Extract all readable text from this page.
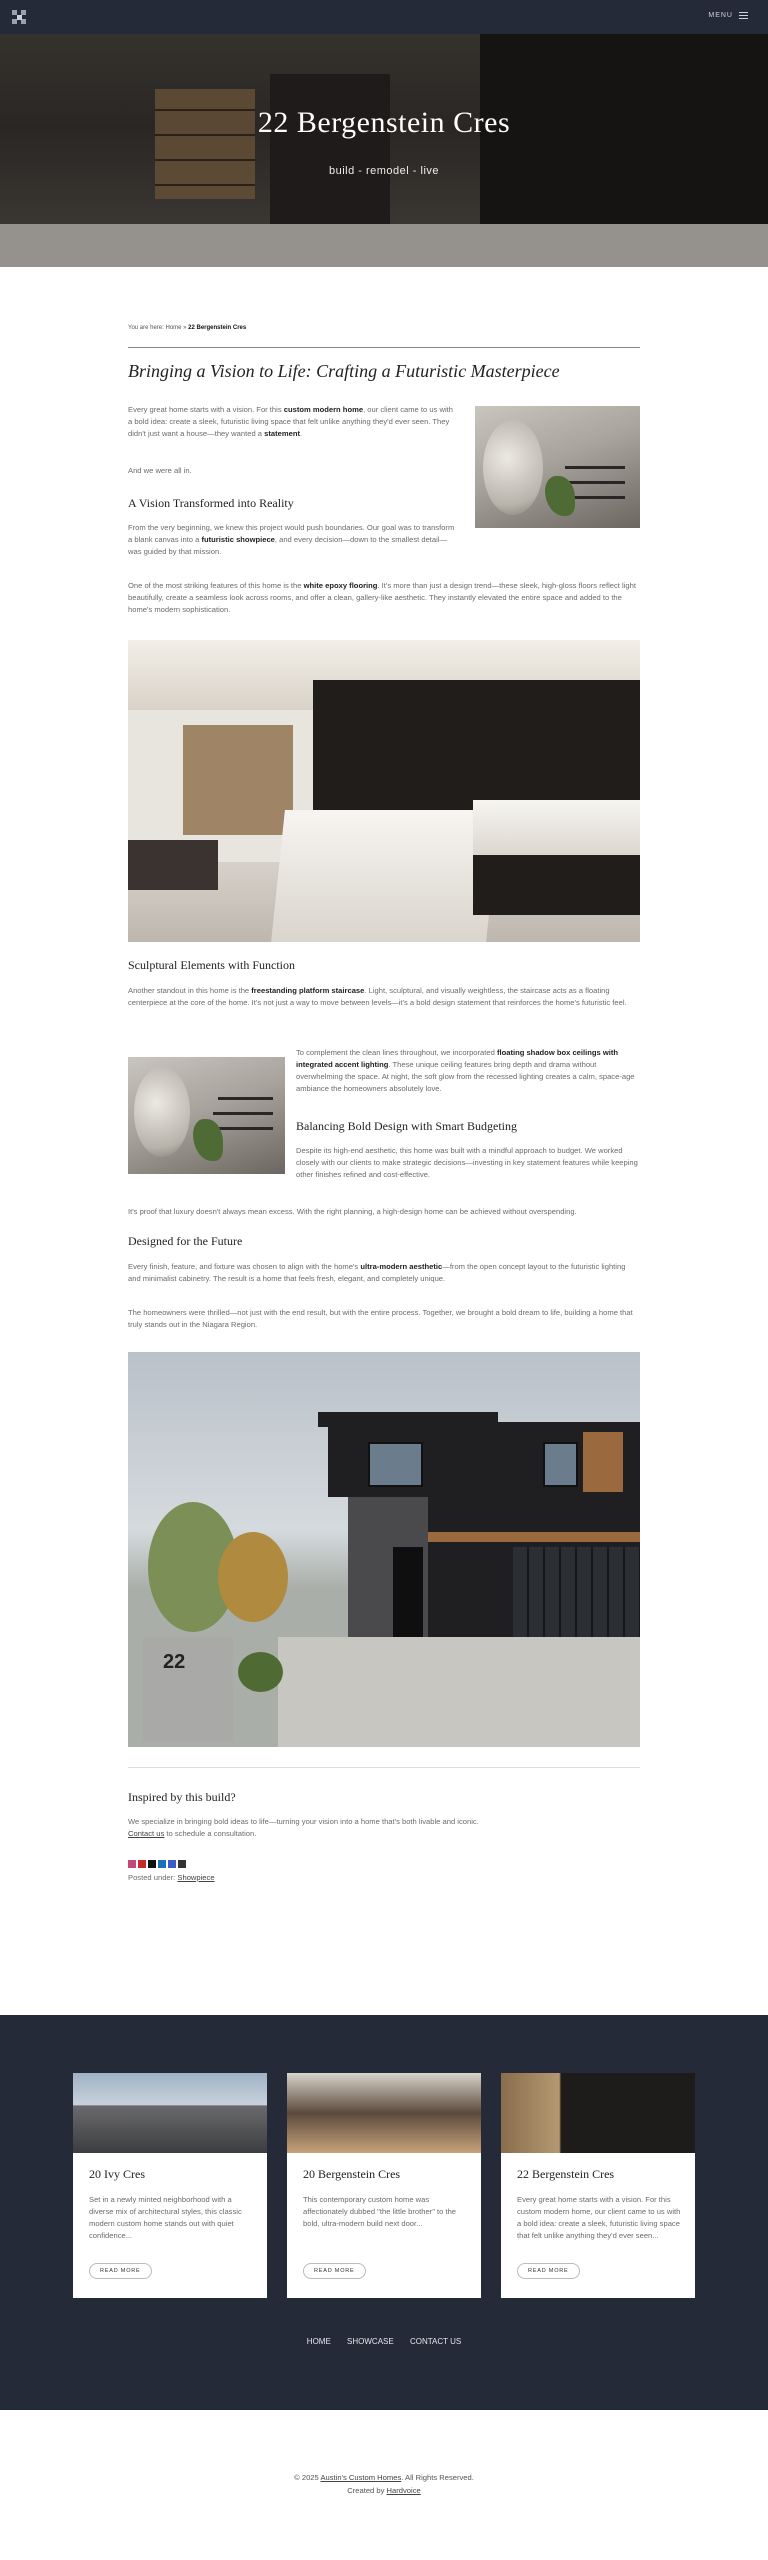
MENU
22 Bergenstein Cres
build - remodel - live
You are here: Home » 22 Bergenstein Cres
Bringing a Vision to Life: Crafting a Futuristic Masterpiece

Every great home starts with a vision. For this custom modern home, our client came to us with a bold idea: create a sleek, futuristic living space that felt unlike anything they'd ever seen. They didn't just want a house—they wanted a statement.

And we were all in.

A Vision Transformed into Reality

From the very beginning, we knew this project would push boundaries. Our goal was to transform a blank canvas into a futuristic showpiece, and every decision—down to the smallest detail—was guided by that mission.

One of the most striking features of this home is the white epoxy flooring. It's more than just a design trend—these sleek, high-gloss floors reflect light beautifully, create a seamless look across rooms, and offer a clean, gallery-like aesthetic. They instantly elevated the entire space and added to the home's modern sophistication.

Sculptural Elements with Function

Another standout in this home is the freestanding platform staircase. Light, sculptural, and visually weightless, the staircase acts as a floating centerpiece at the core of the home. It's not just a way to move between levels—it's a bold design statement that reinforces the home's futuristic feel.

To complement the clean lines throughout, we incorporated floating shadow box ceilings with integrated accent lighting. These unique ceiling features bring depth and drama without overwhelming the space. At night, the soft glow from the recessed lighting creates a calm, space-age ambiance the homeowners absolutely love.

Balancing Bold Design with Smart Budgeting

Despite its high-end aesthetic, this home was built with a mindful approach to budget. We worked closely with our clients to make strategic decisions—investing in key statement features while keeping other finishes refined and cost-effective.

It's proof that luxury doesn't always mean excess. With the right planning, a high-design home can be achieved without overspending.

Designed for the Future

Every finish, feature, and fixture was chosen to align with the home's ultra-modern aesthetic—from the open concept layout to the futuristic lighting and minimalist cabinetry. The result is a home that feels fresh, elegant, and completely unique.

The homeowners were thrilled—not just with the end result, but with the entire process. Together, we brought a bold dream to life, building a home that truly stands out in the Niagara Region.

22
Inspired by this build?

We specialize in bringing bold ideas to life—turning your vision into a home that's both livable and iconic.

Contact us to schedule a consultation.

Posted under: Showpiece

20 Ivy Cres

Set in a newly minted neighborhood with a diverse mix of architectural styles, this classic modern custom home stands out with quiet confidence...

READ MORE
20 Bergenstein Cres

This contemporary custom home was affectionately dubbed "the little brother" to the bold, ultra-modern build next door...

READ MORE
22 Bergenstein Cres

Every great home starts with a vision. For this custom modern home, our client came to us with a bold idea: create a sleek, futuristic living space that felt unlike anything they'd ever seen...

READ MORE
HOME SHOWCASE CONTACT US
© 2025 Austin's Custom Homes. All Rights Reserved.
Created by Hardvoice
